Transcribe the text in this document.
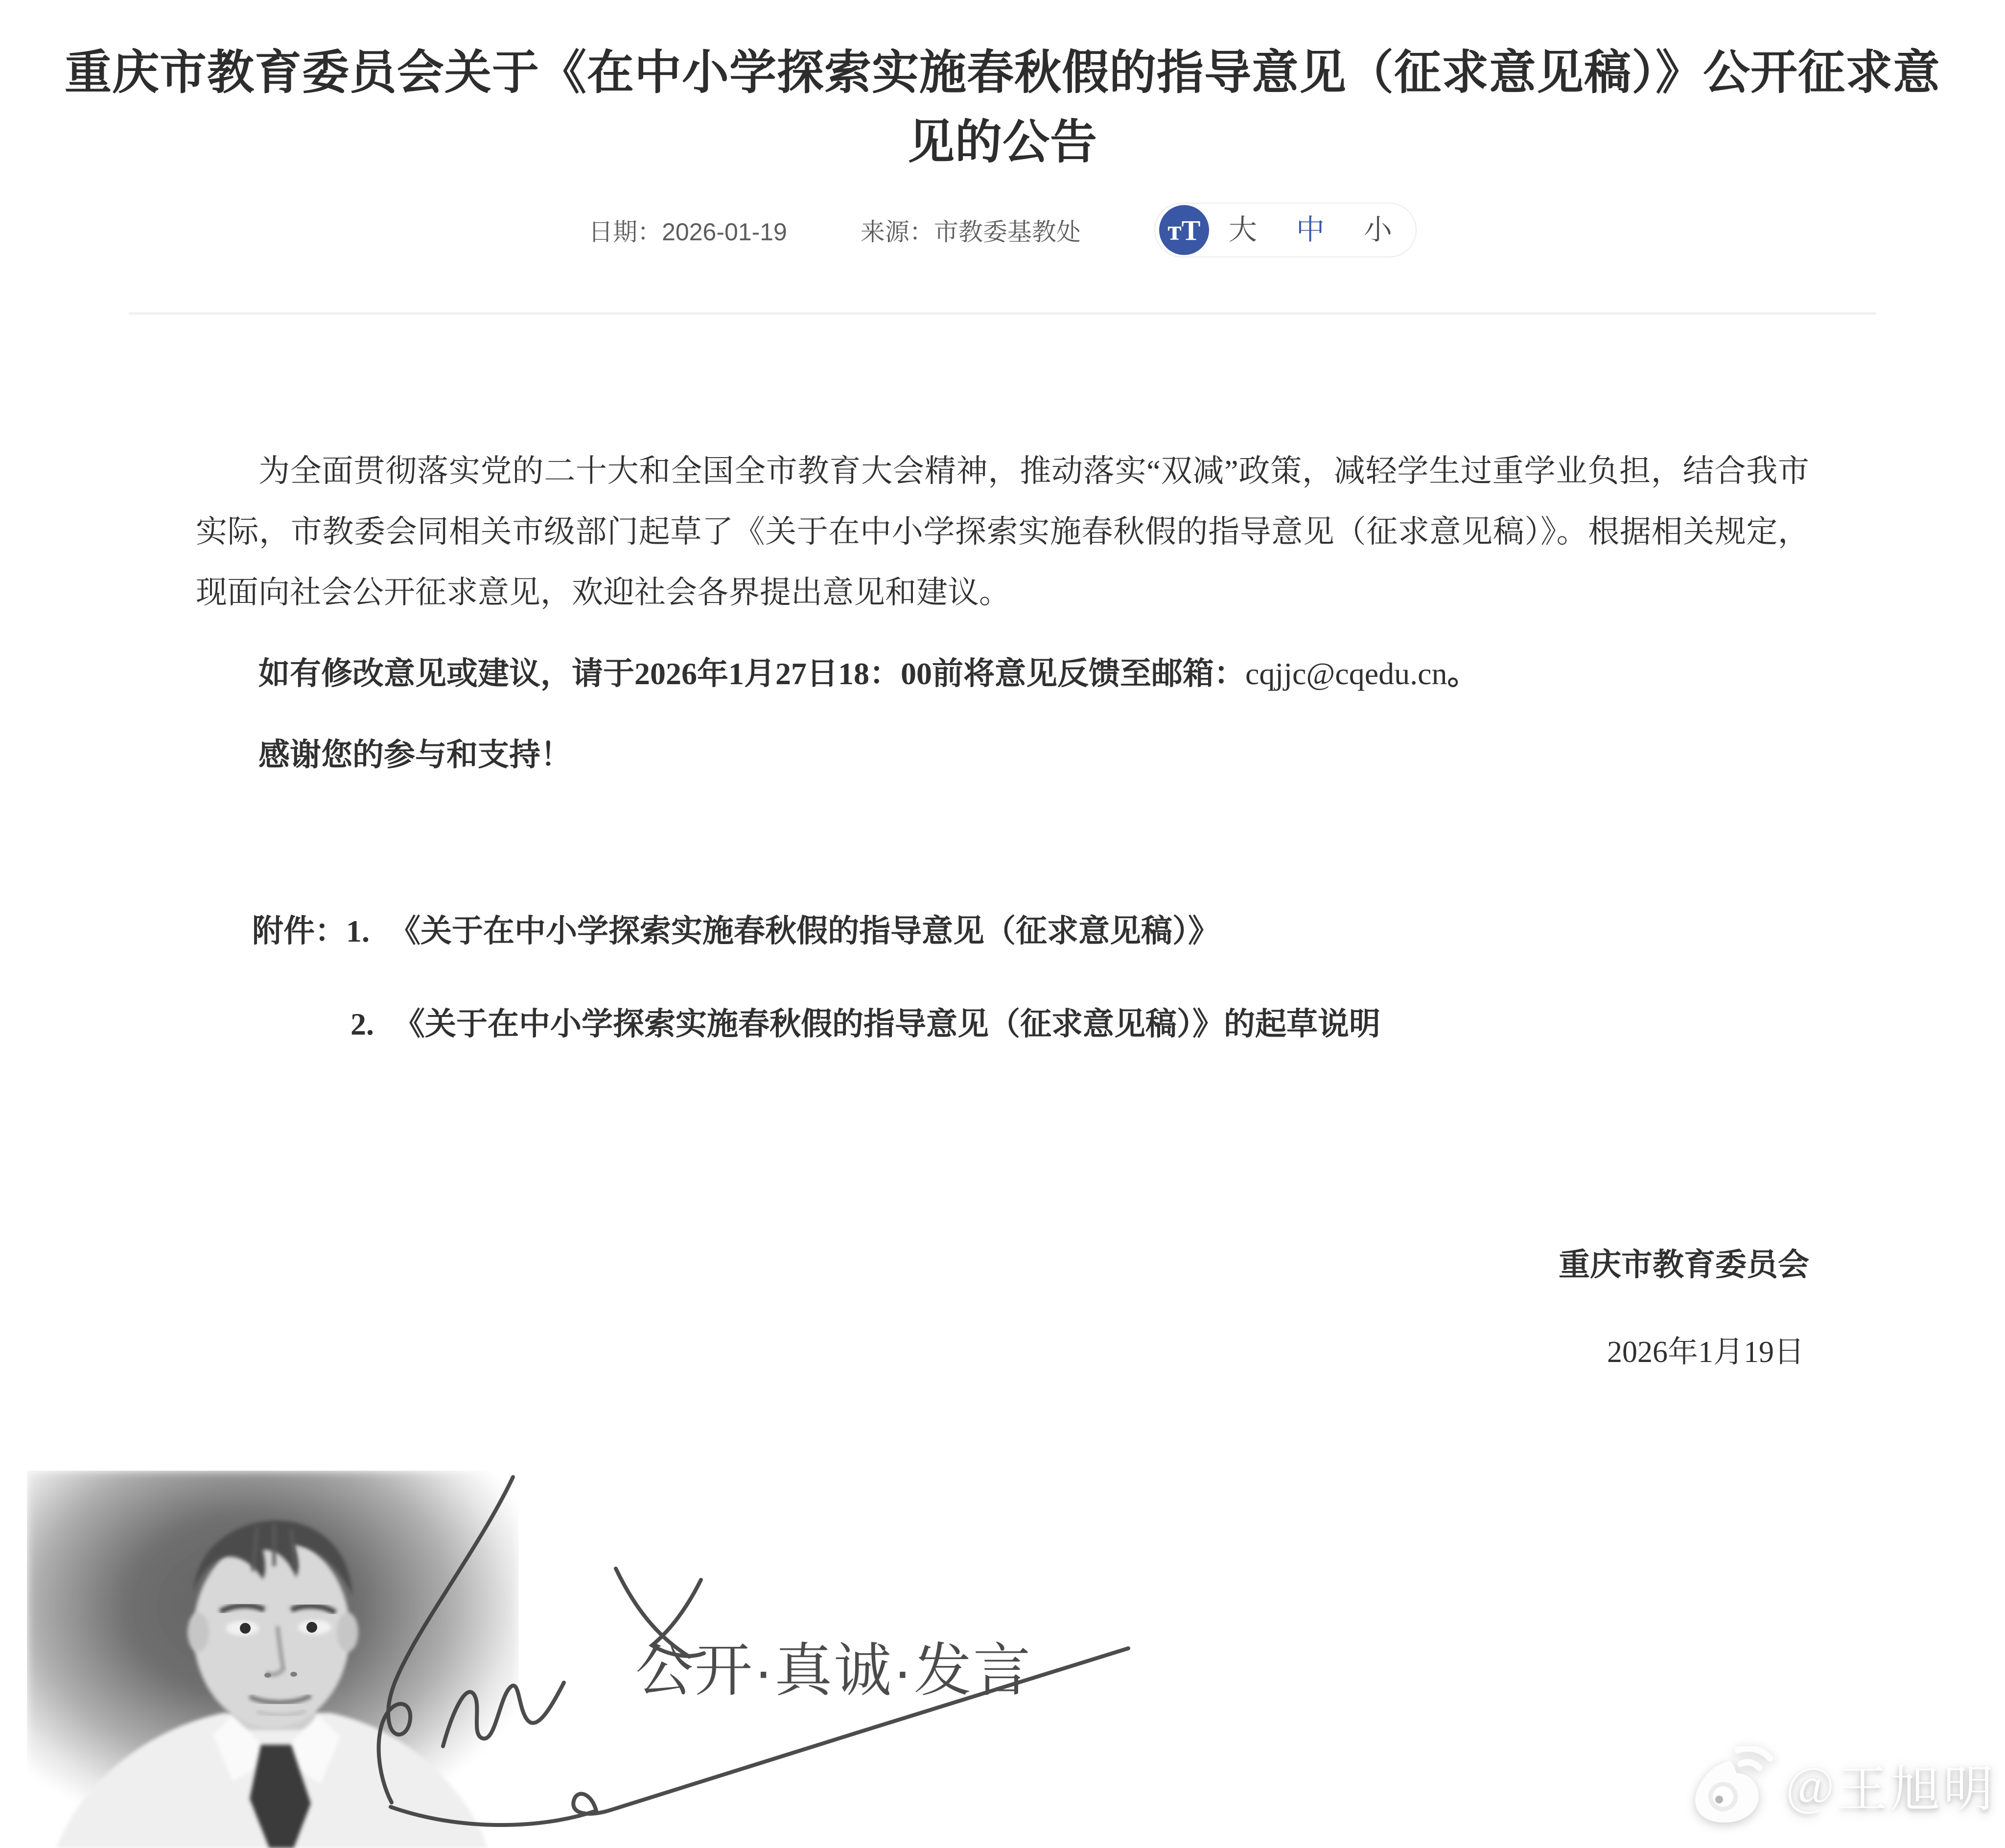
重庆市教育委员会关于《在中小学探索实施春秋假的指导意见（征求意见稿）》公开征求意
见的公告
日期：2026-01-19	来源：市教委基教处	тT 大 中 小

为全面贯彻落实党的二十大和全国全市教育大会精神，推动落实“双减”政策，减轻学生过重学业负担，结合我市实际，市教委会同相关市级部门起草了《关于在中小学探索实施春秋假的指导意见（征求意见稿）》。根据相关规定，现面向社会公开征求意见，欢迎社会各界提出意见和建议。

如有修改意见或建议，请于2026年1月27日18：00前将意见反馈至邮箱：cqjjc@cqedu.cn。

感谢您的参与和支持！

附件：1. 《关于在中小学探索实施春秋假的指导意见（征求意见稿）》

2. 《关于在中小学探索实施春秋假的指导意见（征求意见稿）》的起草说明

重庆市教育委员会

2026年1月19日

公开·真诚·发言
＠王旭明
